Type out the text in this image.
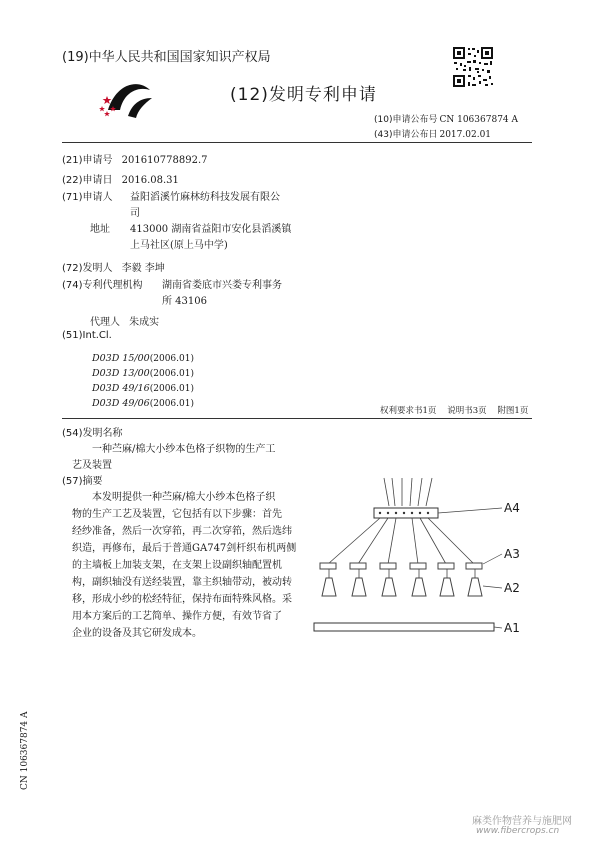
(19)中华人民共和国国家知识产权局
(12)发明专利申请
(10)申请公布号 CN 106367874 A
(43)申请公布日 2017.02.01
(21)申请号 201610778892.7
(22)申请日 2016.08.31
(71)申请人 益阳滔溪竹麻林纺科技发展有限公
司
地址 413000 湖南省益阳市安化县滔溪镇
上马社区(原上马中学)
(72)发明人 李毅 李坤
(74)专利代理机构 湖南省娄底市兴娄专利事务
所 43106
代理人 朱成实
(51)Int.Cl.
D03D 15/00(2006.01)
D03D 13/00(2006.01)
D03D 49/16(2006.01)
D03D 49/06(2006.01)
权利要求书1页    说明书3页    附图1页
(54)发明名称
一种苎麻/棉大小纱本色格子织物的生产工
艺及装置
(57)摘要
本发明提供一种苎麻/棉大小纱本色格子织
物的生产工艺及装置，它包括有以下步骤：首先
经纱准备，然后一次穿筘，再二次穿筘，然后选纬
织造，再修布，最后于普通GA747剑杆织布机两侧
的主墙板上加装支架，在支架上设副织轴配置机
构，副织轴没有送经装置，靠主织轴带动，被动转
移，形成小纱的松经特征，保持布面特殊风格。采
用本方案后的工艺简单、操作方便，有效节省了
企业的设备及其它研发成本。
A4
A3
A2
A1
CN 106367874 A
麻类作物营养与施肥网
www.fibercrops.cn
